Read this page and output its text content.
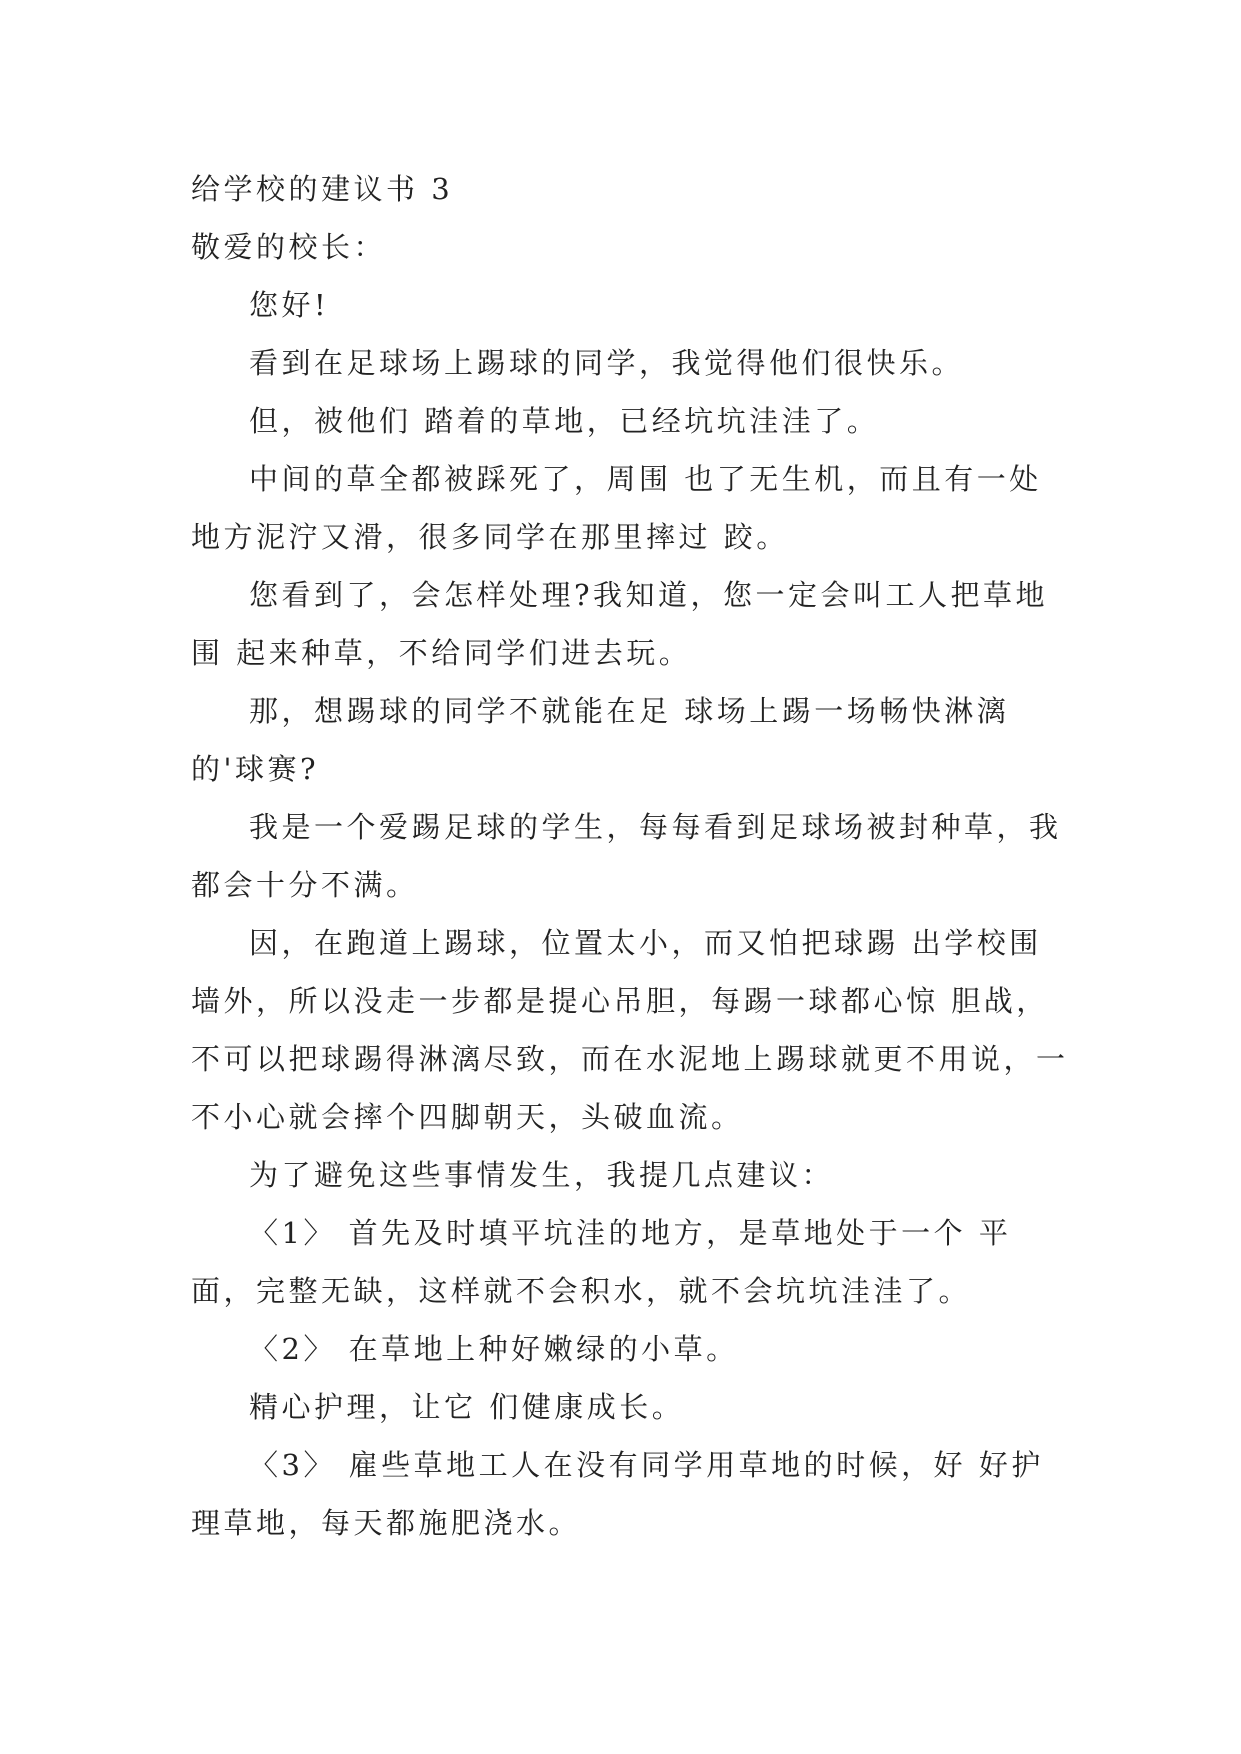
给学校的建议书 3

敬爱的校长：

您好!

看到在足球场上踢球的同学，我觉得他们很快乐。

但，被他们 踏着的草地，已经坑坑洼洼了。

中间的草全都被踩死了，周围 也了无生机，而且有一处地方泥泞又滑，很多同学在那里摔过 跤。

您看到了，会怎样处理?我知道，您一定会叫工人把草地围 起来种草，不给同学们进去玩。

那，想踢球的同学不就能在足 球场上踢一场畅快淋漓的'球赛?

我是一个爱踢足球的学生，每每看到足球场被封种草，我 都会十分不满。

因，在跑道上踢球，位置太小，而又怕把球踢 出学校围墙外，所以没走一步都是提心吊胆，每踢一球都心惊 胆战，不可以把球踢得淋漓尽致，而在水泥地上踢球就更不用说，一不小心就会摔个四脚朝天，头破血流。

为了避免这些事情发生，我提几点建议：

〈1〉 首先及时填平坑洼的地方，是草地处于一个 平面，完整无缺，这样就不会积水，就不会坑坑洼洼了。

〈2〉 在草地上种好嫩绿的小草。

精心护理，让它 们健康成长。

〈3〉 雇些草地工人在没有同学用草地的时候，好 好护理草地，每天都施肥浇水。
